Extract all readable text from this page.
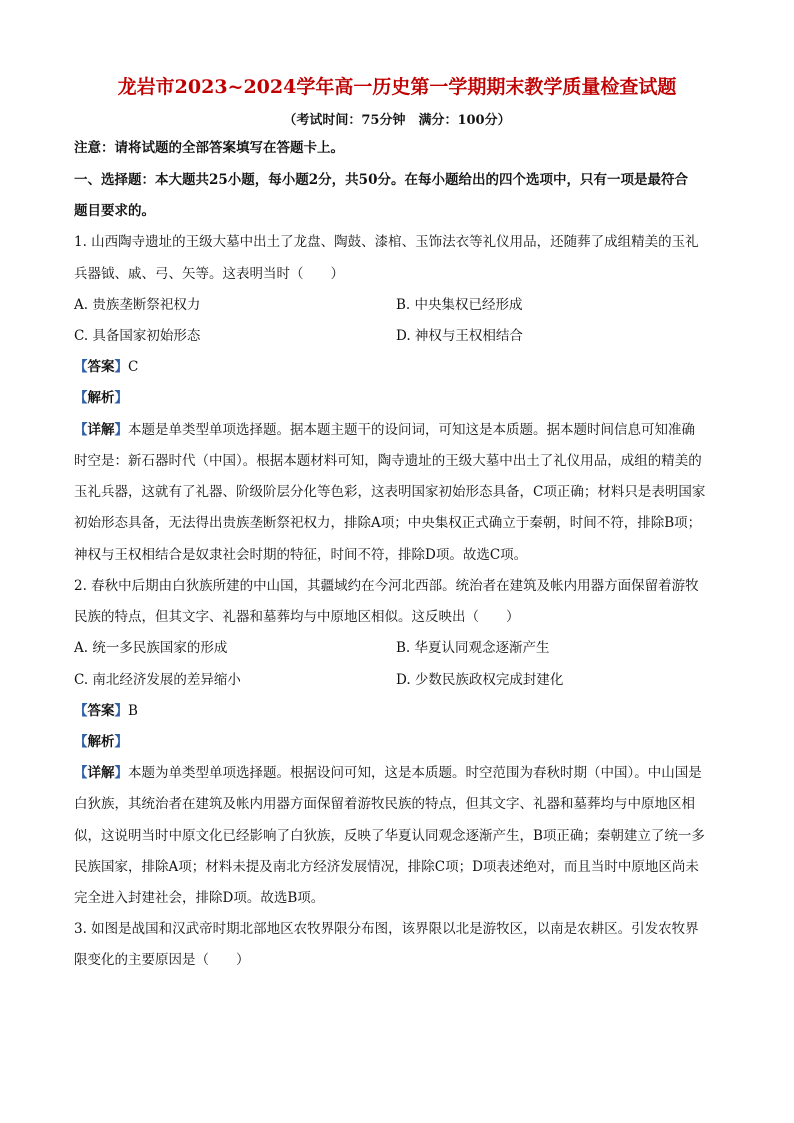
龙岩市2023~2024学年高一历史第一学期期末教学质量检查试题
（考试时间：75分钟　满分：100分）
注意：请将试题的全部答案填写在答题卡上。
一、选择题：本大题共25小题，每小题2分，共50分。在每小题给出的四个选项中，只有一项是最符合
题目要求的。
1. 山西陶寺遗址的王级大墓中出土了龙盘、陶鼓、漆棺、玉饰法衣等礼仪用品，还随葬了成组精美的玉礼
兵器钺、戚、弓、矢等。这表明当时（　　）
A. 贵族垄断祭祀权力	B. 中央集权已经形成
C. 具备国家初始形态	D. 神权与王权相结合
【答案】C
【解析】
【详解】本题是单类型单项选择题。据本题主题干的设问词，可知这是本质题。据本题时间信息可知准确
时空是：新石器时代（中国）。根据本题材料可知，陶寺遗址的王级大墓中出土了礼仪用品，成组的精美的
玉礼兵器，这就有了礼器、阶级阶层分化等色彩，这表明国家初始形态具备，C项正确；材料只是表明国家
初始形态具备，无法得出贵族垄断祭祀权力，排除A项；中央集权正式确立于秦朝，时间不符，排除B项；
神权与王权相结合是奴隶社会时期的特征，时间不符，排除D项。故选C项。
2. 春秋中后期由白狄族所建的中山国，其疆域约在今河北西部。统治者在建筑及帐内用器方面保留着游牧
民族的特点，但其文字、礼器和墓葬均与中原地区相似。这反映出（　　）
A. 统一多民族国家的形成	B. 华夏认同观念逐渐产生
C. 南北经济发展的差异缩小	D. 少数民族政权完成封建化
【答案】B
【解析】
【详解】本题为单类型单项选择题。根据设问可知，这是本质题。时空范围为春秋时期（中国）。中山国是
白狄族，其统治者在建筑及帐内用器方面保留着游牧民族的特点，但其文字、礼器和墓葬均与中原地区相
似，这说明当时中原文化已经影响了白狄族，反映了华夏认同观念逐渐产生，B项正确；秦朝建立了统一多
民族国家，排除A项；材料未提及南北方经济发展情况，排除C项；D项表述绝对，而且当时中原地区尚未
完全进入封建社会，排除D项。故选B项。
3. 如图是战国和汉武帝时期北部地区农牧界限分布图，该界限以北是游牧区，以南是农耕区。引发农牧界
限变化的主要原因是（　　）
